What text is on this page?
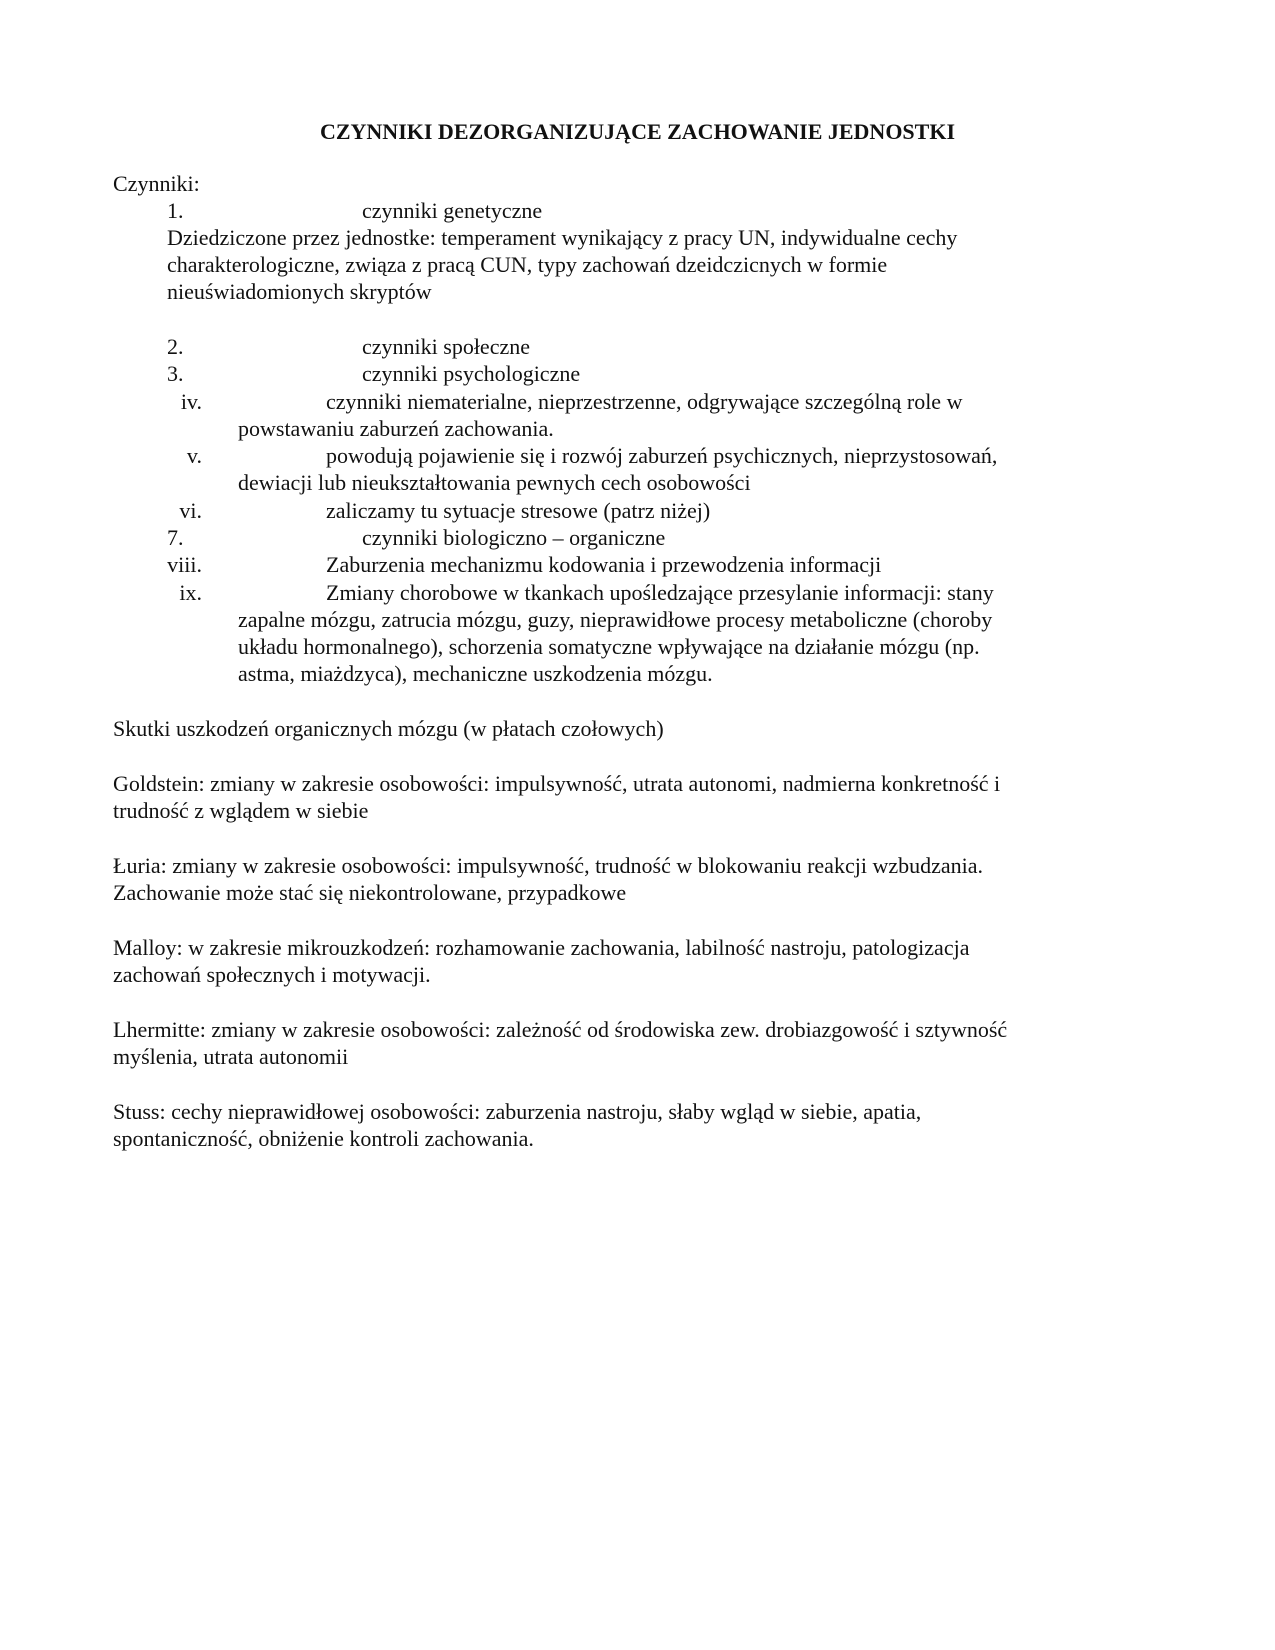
CZYNNIKI DEZORGANIZUJĄCE ZACHOWANIE JEDNOSTKI
Czynniki:
1.	czynniki genetyczne
Dziedziczone przez jednostke: temperament wynikający z pracy UN, indywidualne cechy
charakterologiczne, związa z pracą CUN, typy zachowań dzeidczicnych w formie
nieuświadomionych skryptów
2.	czynniki społeczne
3.	czynniki psychologiczne
iv.	czynniki niematerialne, nieprzestrzenne, odgrywające szczególną role w
powstawaniu zaburzeń zachowania.
v.	powodują pojawienie się i rozwój zaburzeń psychicznych, nieprzystosowań,
dewiacji lub nieukształtowania pewnych cech osobowości
vi.	zaliczamy tu sytuacje stresowe (patrz niżej)
7.	czynniki biologiczno – organiczne
viii.	Zaburzenia mechanizmu kodowania i przewodzenia informacji
ix.	Zmiany chorobowe w tkankach upośledzające przesylanie informacji: stany
zapalne mózgu, zatrucia mózgu, guzy, nieprawidłowe procesy metaboliczne (choroby
układu hormonalnego), schorzenia somatyczne wpływające na działanie mózgu (np.
astma, miażdzyca), mechaniczne uszkodzenia mózgu.
Skutki uszkodzeń organicznych mózgu (w płatach czołowych)
Goldstein: zmiany w zakresie osobowości: impulsywność, utrata autonomi, nadmierna konkretność i
trudność z wglądem w siebie
Łuria: zmiany w zakresie osobowości: impulsywność, trudność w blokowaniu reakcji wzbudzania.
Zachowanie może stać się niekontrolowane, przypadkowe
Malloy: w zakresie mikrouzkodzeń: rozhamowanie zachowania, labilność nastroju, patologizacja
zachowań społecznych i motywacji.
Lhermitte: zmiany w zakresie osobowości: zależność od środowiska zew. drobiazgowość i sztywność
myślenia, utrata autonomii
Stuss: cechy nieprawidłowej osobowości: zaburzenia nastroju, słaby wgląd w siebie, apatia,
spontaniczność, obniżenie kontroli zachowania.
